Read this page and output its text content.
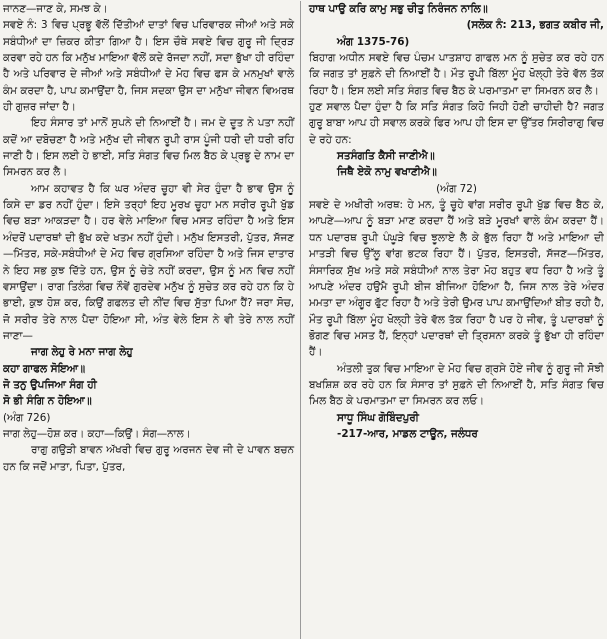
ਜਾਨਣ—ਜਾਣ ਕੇ, ਸਮਝ ਕੇ।

ਸਵਏ ਨੰ: 3 ਵਿਚ ਪ੍ਰਭੂ ਵੱਲੋਂ ਦਿੱਤੀਆਂ ਦਾਤਾਂ ਵਿਚ ਪਰਿਵਾਰਕ ਜੀਆਂ ਅਤੇ ਸਕੇ ਸਬੰਧੀਆਂ ਦਾ ਜ਼ਿਕਰ ਕੀਤਾ ਗਿਆ ਹੈ। ਇਸ ਚੌਥੇ ਸਵਏ ਵਿਚ ਗੁਰੂ ਜੀ ਦ੍ਰਿੜ ਕਰਵਾ ਰਹੇ ਹਨ ਕਿ ਮਨੁੱਖ ਮਾਇਆ ਵੱਲੋਂ ਕਦੇ ਰੱਜਦਾ ਨਹੀਂ, ਸਦਾ ਭੁੱਖਾ ਹੀ ਰਹਿੰਦਾ ਹੈ ਅਤੇ ਪਰਿਵਾਰ ਦੇ ਜੀਆਂ ਅਤੇ ਸਬੰਧੀਆਂ ਦੇ ਮੋਹ ਵਿਚ ਫਸ ਕੇ ਮਨਮੁਖਾਂ ਵਾਲੇ ਕੰਮ ਕਰਦਾ ਹੈ, ਪਾਪ ਕਮਾਉਂਦਾ ਹੈ, ਜਿਸ ਸਦਕਾ ਉਸ ਦਾ ਮਨੁੱਖਾ ਜੀਵਨ ਵਿਅਰਥ ਹੀ ਗੁਜ਼ਰ ਜਾਂਦਾ ਹੈ।

ਇਹ ਸੰਸਾਰ ਤਾਂ ਮਾਨੋਂ ਸੁਪਨੇ ਦੀ ਨਿਆਈਂ ਹੈ। ਜਮ ਦੇ ਦੂਤ ਨੇ ਪਤਾ ਨਹੀਂ ਕਦੋਂ ਆ ਦਬੋਚਣਾ ਹੈ ਅਤੇ ਮਨੁੱਖ ਦੀ ਜੀਵਨ ਰੂਪੀ ਰਾਸ ਪੂੰਜੀ ਧਰੀ ਦੀ ਧਰੀ ਰਹਿ ਜਾਣੀ ਹੈ। ਇਸ ਲਈ ਹੇ ਭਾਈ, ਸਤਿ ਸੰਗਤ ਵਿਚ ਮਿਲ ਬੈਠ ਕੇ ਪ੍ਰਭੂ ਦੇ ਨਾਮ ਦਾ ਸਿਮਰਨ ਕਰ ਲੈ।

ਆਮ ਕਹਾਵਤ ਹੈ ਕਿ ਘਰ ਅੰਦਰ ਚੂਹਾ ਵੀ ਸੇਰ ਹੁੰਦਾ ਹੈ ਭਾਵ ਉਸ ਨੂੰ ਕਿਸੇ ਦਾ ਡਰ ਨਹੀਂ ਹੁੰਦਾ। ਇਸੇ ਤਰ੍ਹਾਂ ਇਹ ਮੂਰਖ ਚੂਹਾ ਮਨ ਸਰੀਰ ਰੂਪੀ ਖੁੱਡ ਵਿਚ ਬੜਾ ਆਕੜਦਾ ਹੈ। ਹਰ ਵੇਲੇ ਮਾਇਆ ਵਿਚ ਮਸਤ ਰਹਿੰਦਾ ਹੈ ਅਤੇ ਇਸ ਅੰਦਰੋਂ ਪਦਾਰਥਾਂ ਦੀ ਭੁੱਖ ਕਦੇ ਖਤਮ ਨਹੀਂ ਹੁੰਦੀ। ਮਨੁੱਖ ਇਸਤਰੀ, ਪੁੱਤਰ, ਸੱਜਣ—ਮਿੱਤਰ, ਸਕੇ-ਸਬੰਧੀਆਂ ਦੇ ਮੋਹ ਵਿਚ ਗ੍ਰਸਿਆ ਰਹਿੰਦਾ ਹੈ ਅਤੇ ਜਿਸ ਦਾਤਾਰ ਨੇ ਇਹ ਸਭ ਕੁਝ ਦਿੱਤੇ ਹਨ, ਉਸ ਨੂੰ ਚੇਤੇ ਨਹੀਂ ਕਰਦਾ, ਉਸ ਨੂੰ ਮਨ ਵਿਚ ਨਹੀਂ ਵਸਾਉਂਦਾ। ਰਾਗ ਤਿਲੰਗ ਵਿਚ ਨੌਵੇਂ ਗੁਰਦੇਵ ਮਨੁੱਖ ਨੂੰ ਸੁਚੇਤ ਕਰ ਰਹੇ ਹਨ ਕਿ ਹੇ ਭਾਈ, ਕੁਝ ਹੋਸ਼ ਕਰ, ਕਿਉਂ ਗਫਲਤ ਦੀ ਨੀਂਦ ਵਿਚ ਸੁੱਤਾ ਪਿਆ ਹੈਂ? ਜਰਾ ਸੋਚ, ਜੋ ਸਰੀਰ ਤੇਰੇ ਨਾਲ ਪੈਦਾ ਹੋਇਆ ਸੀ, ਅੰਤ ਵੇਲੇ ਇਸ ਨੇ ਵੀ ਤੇਰੇ ਨਾਲ ਨਹੀਂ ਜਾਣਾ—

ਜਾਗ ਲੇਹੁ ਰੇ ਮਨਾ ਜਾਗ ਲੇਹੁ

ਕਹਾ ਗਾਫਲ ਸੋਇਆ॥

ਜੋ ਤਨੁ ਉਪਜਿਆ ਸੰਗ ਹੀ

ਸੋ ਭੀ ਸੰਗਿ ਨ ਹੋਇਆ॥

(ਅੰਗ 726)

ਜਾਗ ਲੇਹੁ—ਹੋਸ਼ ਕਰ। ਕਹਾ—ਕਿਉਂ। ਸੰਗ—ਨਾਲ।

ਰਾਗੁ ਗਉੜੀ ਬਾਵਨ ਅੱਖਰੀ ਵਿਚ ਗੁਰੂ ਅਰਜਨ ਦੇਵ ਜੀ ਦੇ ਪਾਵਨ ਬਚਨ ਹਨ ਕਿ ਜਦੋਂ ਮਾਤਾ, ਪਿਤਾ, ਪੁੱਤਰ,

ਹਾਥ ਪਾਉ ਕਰਿ ਕਾਮੁ ਸਭੁ ਚੀਤੁ ਨਿਰੰਜਨ ਨਾਲਿ॥

(ਸਲੋਕ ਨੰ: 213, ਭਗਤ ਕਬੀਰ ਜੀ,

ਅੰਗ 1375-76)

ਬਿਹਾਗ ਅਧੀਨ ਸਵਏ ਵਿਚ ਪੰਚਮ ਪਾਤਸ਼ਾਹ ਗਾਫਲ ਮਨ ਨੂੰ ਸੁਚੇਤ ਕਰ ਰਹੇ ਹਨ ਕਿ ਜਗਤ ਤਾਂ ਸੁਫ਼ਨੇ ਦੀ ਨਿਆਈਂ ਹੈ। ਮੌਤ ਰੂਪੀ ਬਿੱਲਾ ਮੂੰਹ ਖੋਲ੍ਹੀ ਤੇਰੇ ਵੱਲ ਤੱਕ ਰਿਹਾ ਹੈ। ਇਸ ਲਈ ਸਤਿ ਸੰਗਤ ਵਿਚ ਬੈਠ ਕੇ ਪਰਮਾਤਮਾ ਦਾ ਸਿਮਰਨ ਕਰ ਲੈ।

ਹੁਣ ਸਵਾਲ ਪੈਦਾ ਹੁੰਦਾ ਹੈ ਕਿ ਸਤਿ ਸੰਗਤ ਕਿਹੋ ਜਿਹੀ ਹੋਣੀ ਚਾਹੀਦੀ ਹੈ? ਜਗਤ ਗੁਰੂ ਬਾਬਾ ਆਪ ਹੀ ਸਵਾਲ ਕਰਕੇ ਫਿਰ ਆਪ ਹੀ ਇਸ ਦਾ ਉੱਤਰ ਸਿਰੀਰਾਗੁ ਵਿਚ ਦੇ ਰਹੇ ਹਨ:

ਸਤਸੰਗਤਿ ਕੈਸੀ ਜਾਣੀਐ॥

ਜਿਥੈ ਏਕੋ ਨਾਮੁ ਵਖਾਣੀਐ॥

(ਅੰਗ 72)

ਸਵਏ ਦੇ ਅਖੀਰੀ ਅਰਥ: ਹੇ ਮਨ, ਤੂੰ ਚੂਹੇ ਵਾਂਗ ਸਰੀਰ ਰੂਪੀ ਖੁੱਡ ਵਿਚ ਬੈਠ ਕੇ, ਆਪਣੇ—ਆਪ ਨੂੰ ਬੜਾ ਮਾਣ ਕਰਦਾ ਹੈਂ ਅਤੇ ਬੜੇ ਮੂਰਖਾਂ ਵਾਲੇ ਕੰਮ ਕਰਦਾ ਹੈਂ। ਧਨ ਪਦਾਰਥ ਰੂਪੀ ਪੰਘੂੜੇ ਵਿਚ ਝੂਲਾਏ ਲੈ ਕੇ ਭੁੱਲ ਰਿਹਾ ਹੈਂ ਅਤੇ ਮਾਇਆ ਦੀ ਮਾਤੜੀ ਵਿਚ ਉੱਲੂ ਵਾਂਗ ਭਟਕ ਰਿਹਾ ਹੈਂ। ਪੁੱਤਰ, ਇਸਤਰੀ, ਸੱਜਣ—ਮਿੱਤਰ, ਸੰਸਾਰਿਕ ਸੁੱਖ ਅਤੇ ਸਕੇ ਸਬੰਧੀਆਂ ਨਾਲ ਤੇਰਾ ਮੋਹ ਬਹੁਤ ਵਧ ਰਿਹਾ ਹੈ ਅਤੇ ਤੂੰ ਆਪਣੇ ਅੰਦਰ ਹਉਮੈ ਰੂਪੀ ਬੀਜ ਬੀਜਿਆ ਹੋਇਆ ਹੈ, ਜਿਸ ਨਾਲ ਤੇਰੇ ਅੰਦਰ ਮਮਤਾ ਦਾ ਅੰਗੂਰ ਫੁੱਟ ਰਿਹਾ ਹੈ ਅਤੇ ਤੇਰੀ ਉਮਰ ਪਾਪ ਕਮਾਉਂਦਿਆਂ ਬੀਤ ਰਹੀ ਹੈ, ਮੌਤ ਰੂਪੀ ਬਿੱਲਾ ਮੂੰਹ ਖੋਲ੍ਹੀ ਤੇਰੇ ਵੱਲ ਤੱਕ ਰਿਹਾ ਹੈ ਪਰ ਹੇ ਜੀਵ, ਤੂੰ ਪਦਾਰਥਾਂ ਨੂੰ ਭੋਗਣ ਵਿਚ ਮਸਤ ਹੈਂ, ਇਨ੍ਹਾਂ ਪਦਾਰਥਾਂ ਦੀ ਤ੍ਰਿਸਨਾ ਕਰਕੇ ਤੂੰ ਭੁੱਖਾ ਹੀ ਰਹਿੰਦਾ ਹੈਂ।

ਅੰਤਲੀ ਤੁਕ ਵਿਚ ਮਾਇਆ ਦੇ ਮੋਹ ਵਿਚ ਗ੍ਰਸੇ ਹੋਏ ਜੀਵ ਨੂੰ ਗੁਰੂ ਜੀ ਸੋਝੀ ਬਖਸ਼ਿਸ਼ ਕਰ ਰਹੇ ਹਨ ਕਿ ਸੰਸਾਰ ਤਾਂ ਸੁਫ਼ਨੇ ਦੀ ਨਿਆਈਂ ਹੈ, ਸਤਿ ਸੰਗਤ ਵਿਚ ਮਿਲ ਬੈਠ ਕੇ ਪਰਮਾਤਮਾ ਦਾ ਸਿਮਰਨ ਕਰ ਲਓ।

ਸਾਧੂ ਸਿੰਘ ਗੋਬਿੰਦਪੁਰੀ

-217-ਆਰ, ਮਾਡਲ ਟਾਊਨ, ਜਲੰਧਰ
